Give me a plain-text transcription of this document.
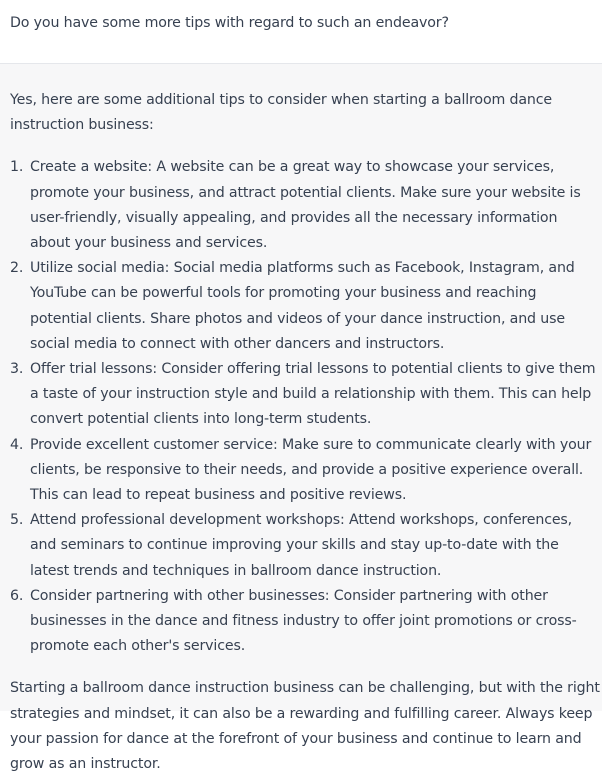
Do you have some more tips with regard to such an endeavor?

Yes, here are some additional tips to consider when starting a ballroom dance instruction business:

1. Create a website: A website can be a great way to showcase your services, promote your business, and attract potential clients. Make sure your website is user-friendly, visually appealing, and provides all the necessary information about your business and services.
2. Utilize social media: Social media platforms such as Facebook, Instagram, and YouTube can be powerful tools for promoting your business and reaching potential clients. Share photos and videos of your dance instruction, and use social media to connect with other dancers and instructors.
3. Offer trial lessons: Consider offering trial lessons to potential clients to give them a taste of your instruction style and build a relationship with them. This can help convert potential clients into long-term students.
4. Provide excellent customer service: Make sure to communicate clearly with your clients, be responsive to their needs, and provide a positive experience overall. This can lead to repeat business and positive reviews.
5. Attend professional development workshops: Attend workshops, conferences, and seminars to continue improving your skills and stay up-to-date with the latest trends and techniques in ballroom dance instruction.
6. Consider partnering with other businesses: Consider partnering with other businesses in the dance and fitness industry to offer joint promotions or cross-promote each other's services.

Starting a ballroom dance instruction business can be challenging, but with the right strategies and mindset, it can also be a rewarding and fulfilling career. Always keep your passion for dance at the forefront of your business and continue to learn and grow as an instructor.
